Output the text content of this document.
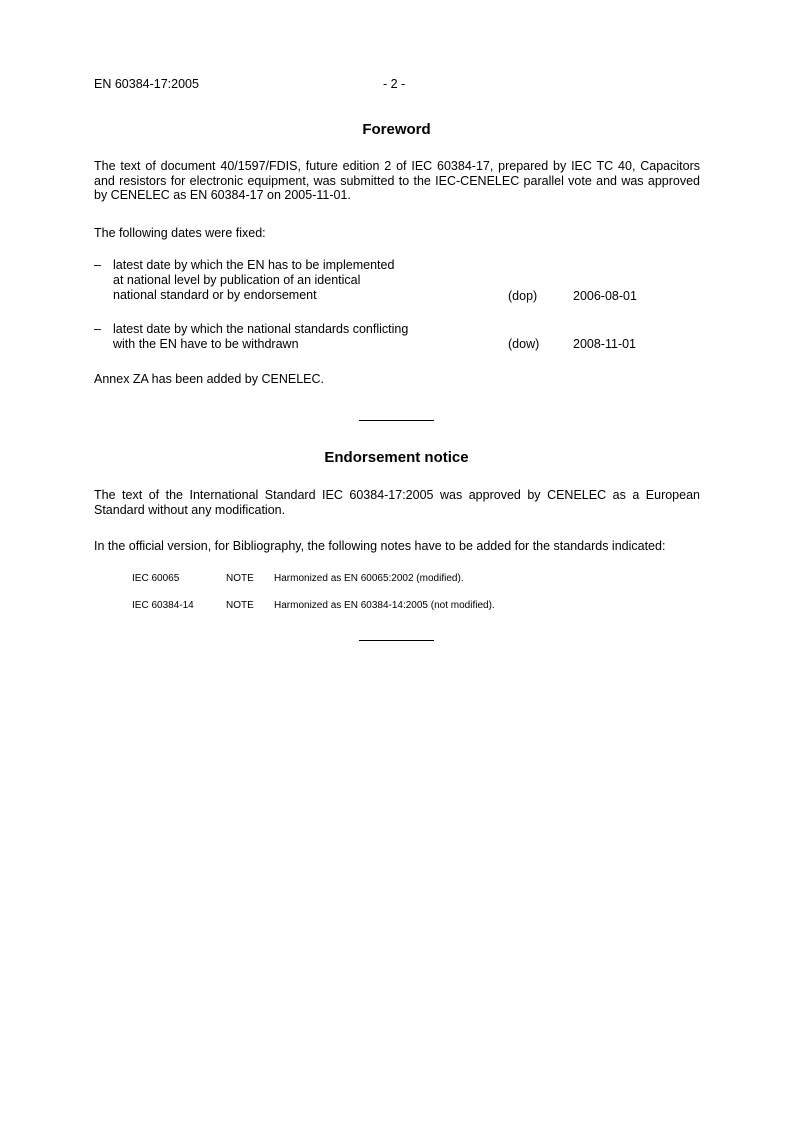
EN 60384-17:2005	- 2 -
Foreword
The text of document 40/1597/FDIS, future edition 2 of IEC 60384-17, prepared by IEC TC 40, Capacitors and resistors for electronic equipment, was submitted to the IEC-CENELEC parallel vote and was approved by CENELEC as EN 60384-17 on 2005-11-01.
The following dates were fixed:
– latest date by which the EN has to be implemented
at national level by publication of an identical
national standard or by endorsement	(dop)	2006-08-01
– latest date by which the national standards conflicting
with the EN have to be withdrawn	(dow)	2008-11-01
Annex ZA has been added by CENELEC.
Endorsement notice
The text of the International Standard IEC 60384-17:2005 was approved by CENELEC as a European Standard without any modification.
In the official version, for Bibliography, the following notes have to be added for the standards indicated:
IEC 60065	NOTE Harmonized as EN 60065:2002 (modified).
IEC 60384-14	NOTE Harmonized as EN 60384-14:2005 (not modified).
